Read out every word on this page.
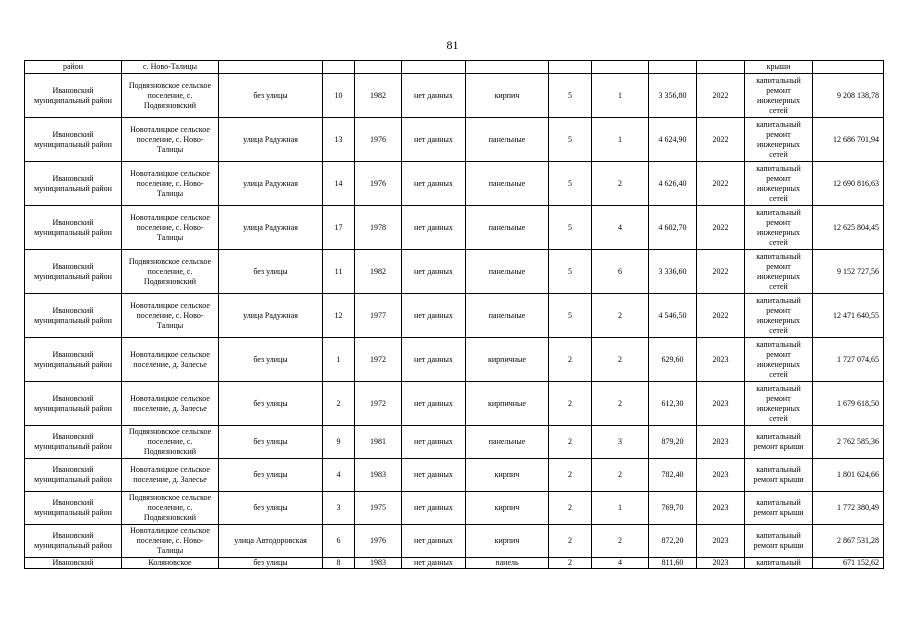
81
район	с. Ново-Талицы										крыши	
Ивановский муниципальный район	Подвязновское сельское поселение, с. Подвязновский	без улицы	10	1982	нет данных	кирпич	5	1	3 356,80	2022	капитальный ремонт инженерных сетей	9 208 138,78
Ивановский муниципальный район	Новоталицкое сельское поселение, с. Ново-Талицы	улица Радужная	13	1976	нет данных	панельные	5	1	4 624,90	2022	капитальный ремонт инженерных сетей	12 686 701,94
Ивановский муниципальный район	Новоталицкое сельское поселение, с. Ново-Талицы	улица Радужная	14	1976	нет данных	панельные	5	2	4 626,40	2022	капитальный ремонт инженерных сетей	12 690 816,63
Ивановский муниципальный район	Новоталицкое сельское поселение, с. Ново-Талицы	улица Радужная	17	1978	нет данных	панельные	5	4	4 602,70	2022	капитальный ремонт инженерных сетей	12 625 804,45
Ивановский муниципальный район	Подвязновское сельское поселение, с. Подвязновский	без улицы	11	1982	нет данных	панельные	5	6	3 336,60	2022	капитальный ремонт инженерных сетей	9 152 727,56
Ивановский муниципальный район	Новоталицкое сельское поселение, с. Ново-Талицы	улица Радужная	12	1977	нет данных	панельные	5	2	4 546,50	2022	капитальный ремонт инженерных сетей	12 471 640,55
Ивановский муниципальный район	Новоталицкое сельское поселение, д. Залесье	без улицы	1	1972	нет данных	кирпичные	2	2	629,60	2023	капитальный ремонт инженерных сетей	1 727 074,65
Ивановский муниципальный район	Новоталицкое сельское поселение, д. Залесье	без улицы	2	1972	нет данных	кирпичные	2	2	612,30	2023	капитальный ремонт инженерных сетей	1 679 618,50
Ивановский муниципальный район	Подвязновское сельское поселение, с. Подвязновский	без улицы	9	1981	нет данных	панельные	2	3	879,20	2023	капитальный ремонт крыши	2 762 585,36
Ивановский муниципальный район	Новоталицкое сельское поселение, д. Залесье	без улицы	4	1983	нет данных	кирпич	2	2	782,40	2023	капитальный ремонт крыши	1 801 624,66
Ивановский муниципальный район	Подвязновское сельское поселение, с. Подвязновский	без улицы	3	1975	нет данных	кирпич	2	1	769,70	2023	капитальный ремонт крыши	1 772 380,49
Ивановский муниципальный район	Новоталицкое сельское поселение, с. Ново-Талицы	улица Автодоровская	6	1976	нет данных	кирпич	2	2	872,20	2023	капитальный ремонт крыши	2 867 531,28
Ивановский	Коляновское	без улицы	8	1983	нет данных	панель	2	4	811,60	2023	капитальный	671 152,62
